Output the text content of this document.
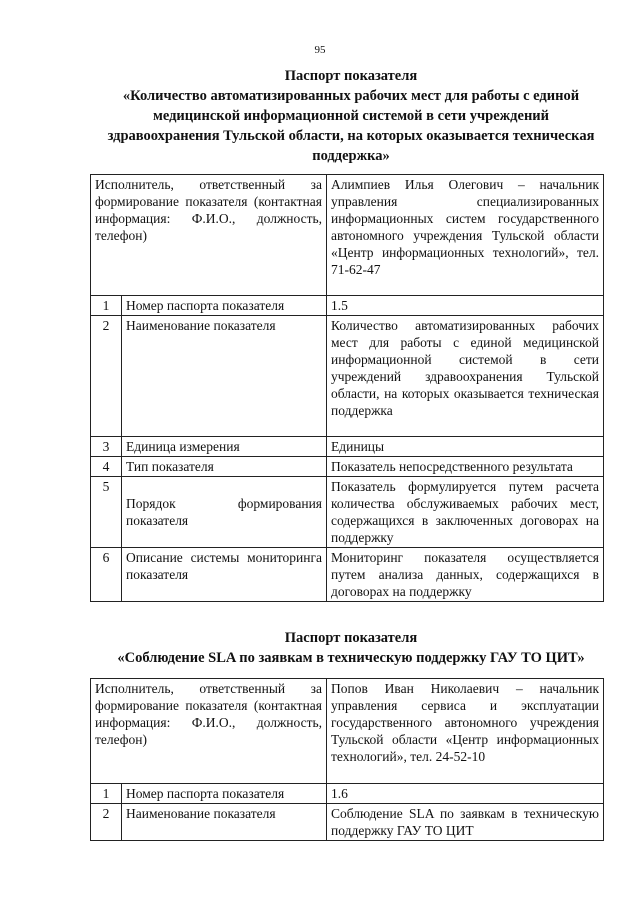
95
Паспорт показателя
«Количество автоматизированных рабочих мест для работы с единой медицинской информационной системой в сети учреждений здравоохранения Тульской области, на которых оказывается техническая поддержка»
Исполнитель, ответственный за формирование показателя (контактная информация: Ф.И.О., должность, телефон)		Алимпиев Илья Олегович – начальник управления специализированных информационных систем государственного автономного учреждения Тульской области «Центр информационных технологий», тел. 71-62-47
1	Номер паспорта показателя	1.5
2	Наименование показателя	Количество автоматизированных рабочих мест для работы с единой медицинской информационной системой в сети учреждений здравоохранения Тульской области, на которых оказывается техническая поддержка
3	Единица измерения	Единицы
4	Тип показателя	Показатель непосредственного результата
5	Порядок формирования показателя	Показатель формулируется путем расчета количества обслуживаемых рабочих мест, содержащихся в заключенных договорах на поддержку
6	Описание системы мониторинга показателя	Мониторинг показателя осуществляется путем анализа данных, содержащихся в договорах на поддержку
Паспорт показателя
«Соблюдение SLA по заявкам в техническую поддержку ГАУ ТО ЦИТ»
Исполнитель, ответственный за формирование показателя (контактная информация: Ф.И.О., должность, телефон)		Попов Иван Николаевич – начальник управления сервиса и эксплуатации государственного автономного учреждения Тульской области «Центр информационных технологий», тел. 24-52-10
1	Номер паспорта показателя	1.6
2	Наименование показателя	Соблюдение SLA по заявкам в техническую поддержку ГАУ ТО ЦИТ
